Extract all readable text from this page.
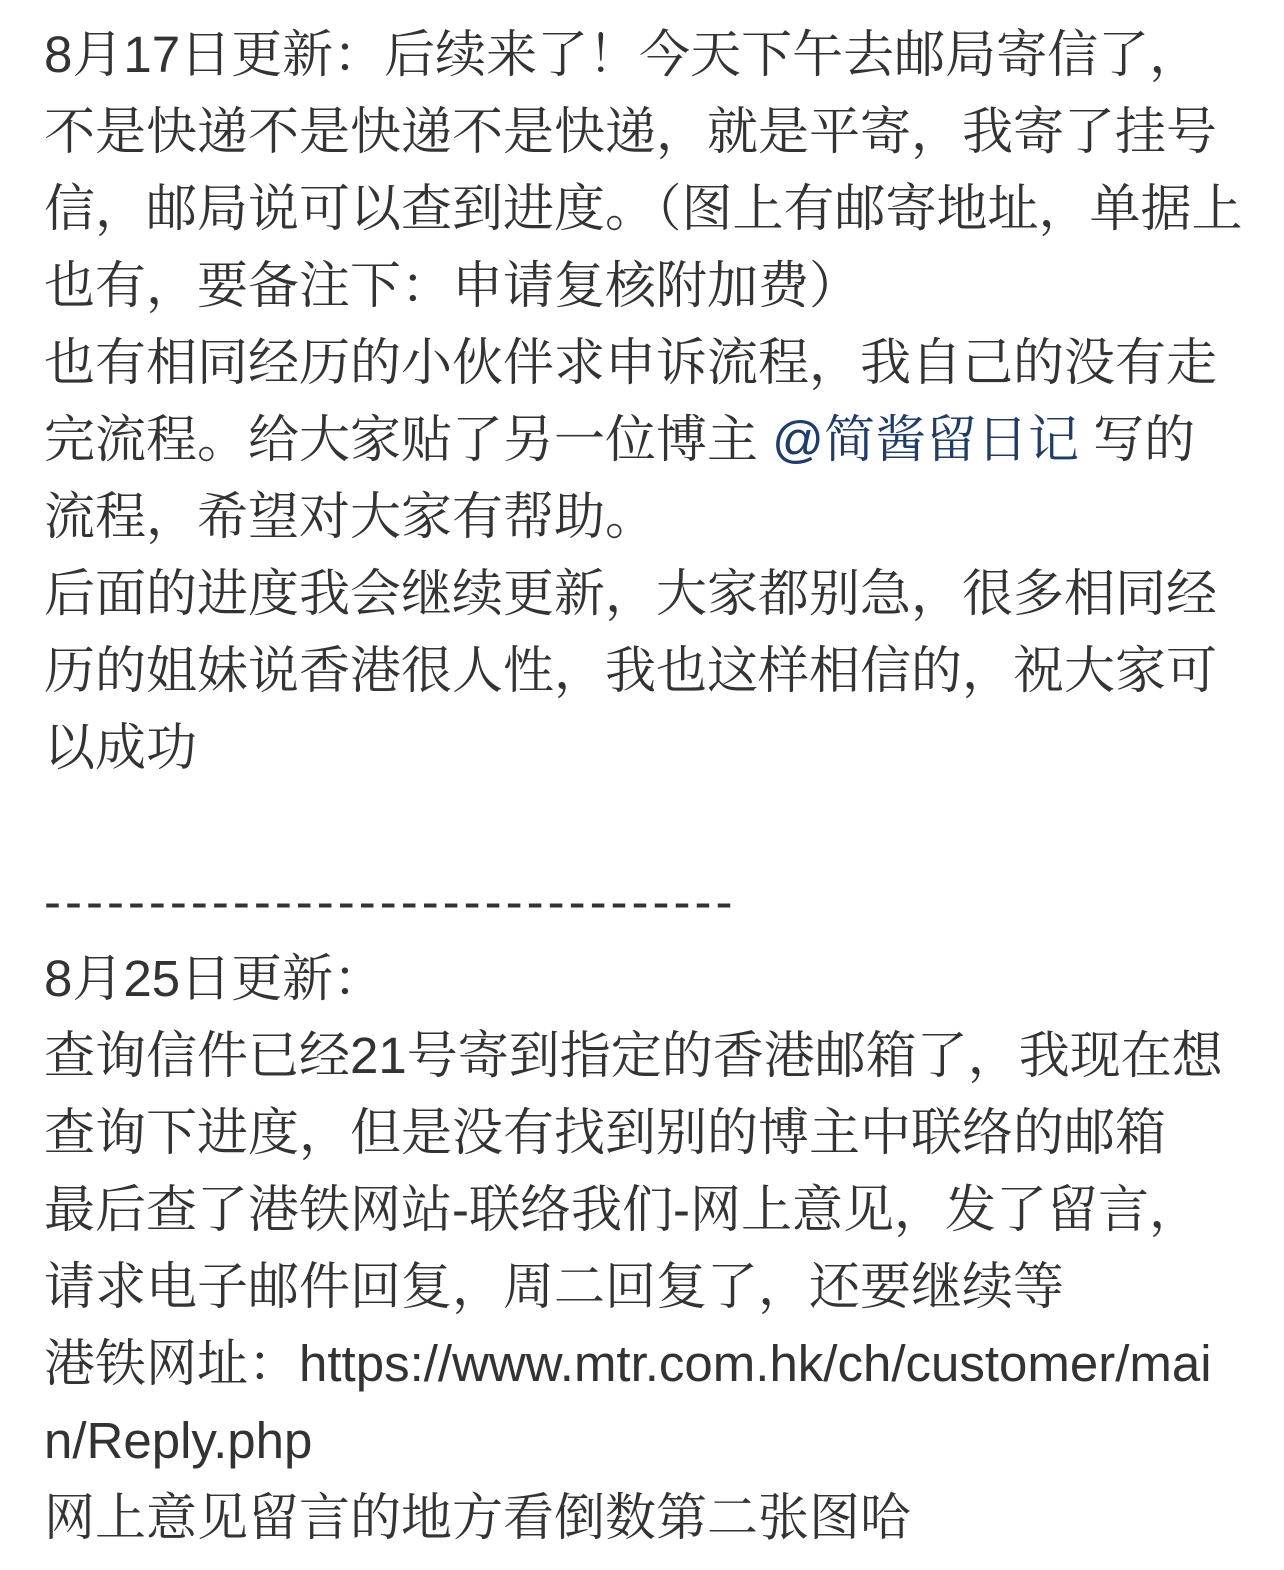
8月17日更新：后续来了！今天下午去邮局寄信了，不是快递不是快递不是快递，就是平寄，我寄了挂号信，邮局说可以查到进度。（图上有邮寄地址，单据上也有，要备注下：申请复核附加费）

也有相同经历的小伙伴求申诉流程，我自己的没有走完流程。给大家贴了另一位博主 @简酱留日记 写的流程，希望对大家有帮助。

后面的进度我会继续更新，大家都别急，很多相同经历的姐妹说香港很人性，我也这样相信的，祝大家可以成功

---------------------------------

8月25日更新：

查询信件已经21号寄到指定的香港邮箱了，我现在想查询下进度，但是没有找到别的博主中联络的邮箱

最后查了港铁网站-联络我们-网上意见，发了留言，请求电子邮件回复，周二回复了，还要继续等

港铁网址：https://www.mtr.com.hk/ch/customer/main/Reply.php

网上意见留言的地方看倒数第二张图哈
